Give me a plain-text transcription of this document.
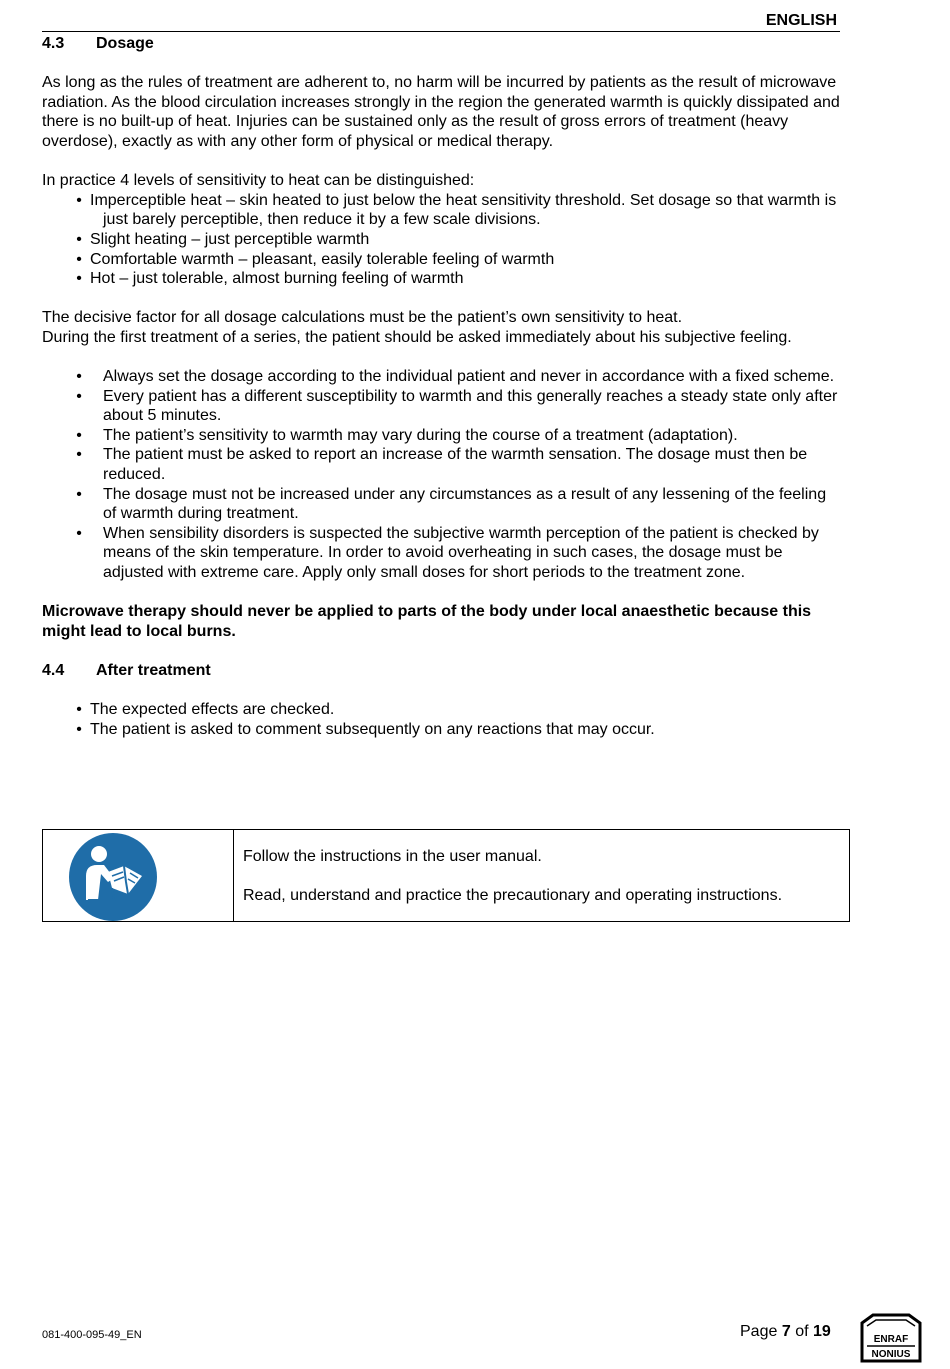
ENGLISH
4.3	Dosage

As long as the rules of treatment are adherent to, no harm will be incurred by patients as the result of microwave radiation. As the blood circulation increases strongly in the region the generated warmth is quickly dissipated and there is no built-up of heat. Injuries can be sustained only as the result of gross errors of treatment (heavy overdose), exactly as with any other form of physical or medical therapy.

In practice 4 levels of sensitivity to heat can be distinguished:

• Imperceptible heat – skin heated to just below the heat sensitivity threshold. Set dosage so that warmth is just barely perceptible, then reduce it by a few scale divisions.
• Slight heating – just perceptible warmth
• Comfortable warmth – pleasant, easily tolerable feeling of warmth
• Hot – just tolerable, almost burning feeling of warmth

The decisive factor for all dosage calculations must be the patient’s own sensitivity to heat.

During the first treatment of a series, the patient should be asked immediately about his subjective feeling.

• Always set the dosage according to the individual patient and never in accordance with a fixed scheme.
• Every patient has a different susceptibility to warmth and this generally reaches a steady state only after about 5 minutes.
• The patient’s sensitivity to warmth may vary during the course of a treatment (adaptation).
• The patient must be asked to report an increase of the warmth sensation. The dosage must then be reduced.
• The dosage must not be increased under any circumstances as a result of any lessening of the feeling of warmth during treatment.
• When sensibility disorders is suspected the subjective warmth perception of the patient is checked by means of the skin temperature. In order to avoid overheating in such cases, the dosage must be adjusted with extreme care. Apply only small doses for short periods to the treatment zone.

Microwave therapy should never be applied to parts of the body under local anaesthetic because this might lead to local burns.

4.4	After treatment
• The expected effects are checked.
• The patient is asked to comment subsequently on any reactions that may occur.

Follow the instructions in the user manual.

Read, understand and practice the precautionary and operating instructions.

081-400-095-49_EN	Page 7 of 19	ENRAF
NONIUS
